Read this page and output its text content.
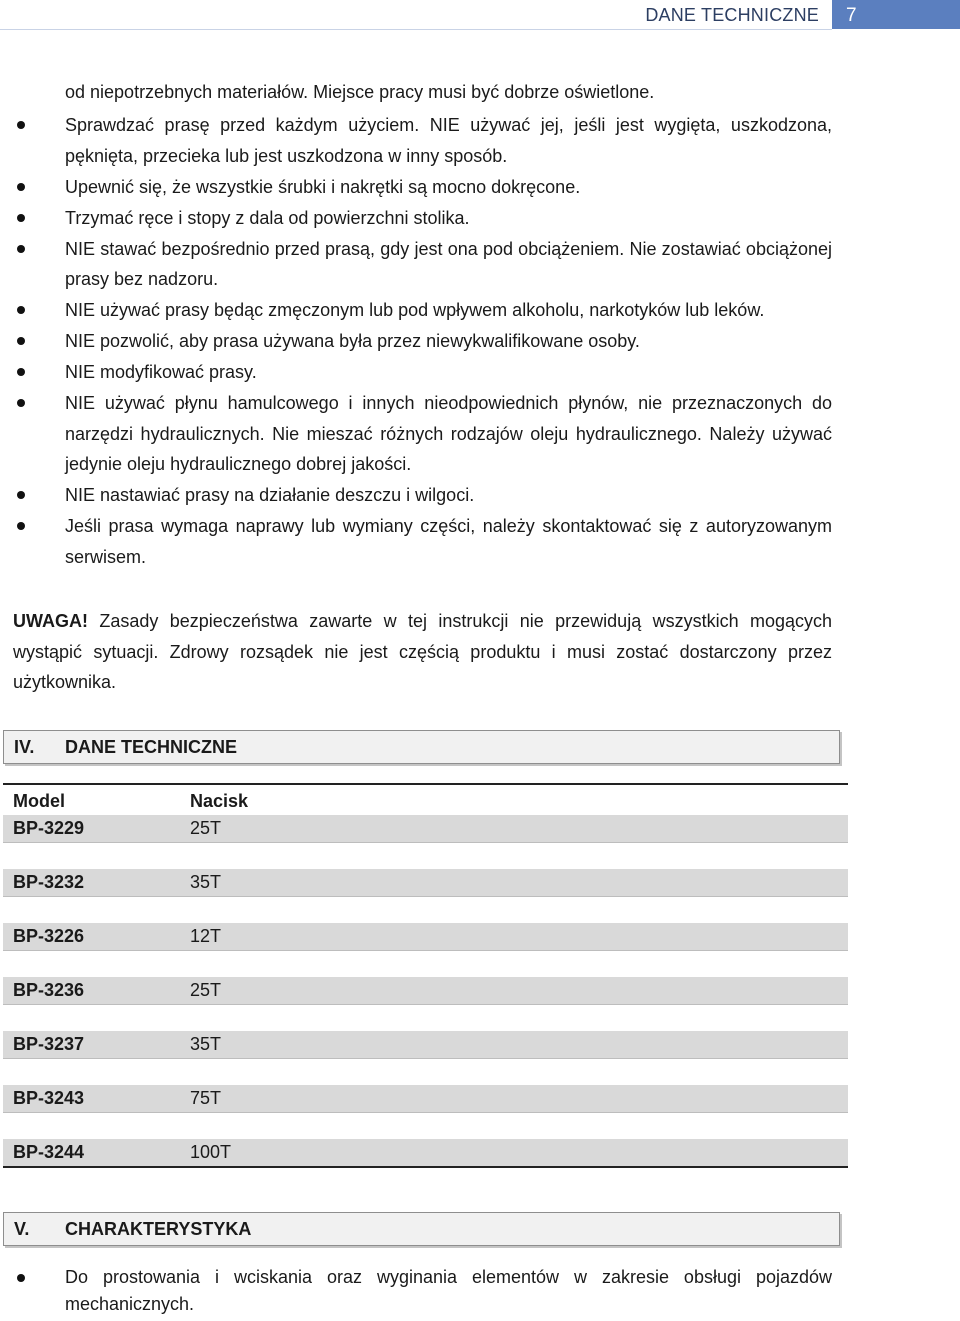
DANE TECHNICZNE	7
od niepotrzebnych materiałów. Miejsce pracy musi być dobrze oświetlone.
Sprawdzać prasę przed każdym użyciem. NIE używać jej, jeśli jest wygięta, uszkodzona, pęknięta, przecieka lub jest uszkodzona w inny sposób.
Upewnić się, że wszystkie śrubki i nakrętki są mocno dokręcone.
Trzymać ręce i stopy z dala od powierzchni stolika.
NIE stawać bezpośrednio przed prasą, gdy jest ona pod obciążeniem. Nie zostawiać obciążonej prasy bez nadzoru.
NIE używać prasy będąc zmęczonym lub pod wpływem alkoholu, narkotyków lub leków.
NIE pozwolić, aby prasa używana była przez niewykwalifikowane osoby.
NIE modyfikować prasy.
NIE używać płynu hamulcowego i innych nieodpowiednich płynów, nie przeznaczonych do narzędzi hydraulicznych. Nie mieszać różnych rodzajów oleju hydraulicznego. Należy używać jedynie oleju hydraulicznego dobrej jakości.
NIE nastawiać prasy na działanie deszczu i wilgoci.
Jeśli prasa wymaga naprawy lub wymiany części, należy skontaktować się z autoryzowanym serwisem.
UWAGA! Zasady bezpieczeństwa zawarte w tej instrukcji nie przewidują wszystkich mogących wystąpić sytuacji. Zdrowy rozsądek nie jest częścią produktu i musi zostać dostarczony przez użytkownika.
IV. DANE TECHNICZNE
Model	Nacisk
BP-3229	25T
BP-3232	35T
BP-3226	12T
BP-3236	25T
BP-3237	35T
BP-3243	75T
BP-3244	100T
V. CHARAKTERYSTYKA
Do prostowania i wciskania oraz wyginania elementów w zakresie obsługi pojazdów mechanicznych.
